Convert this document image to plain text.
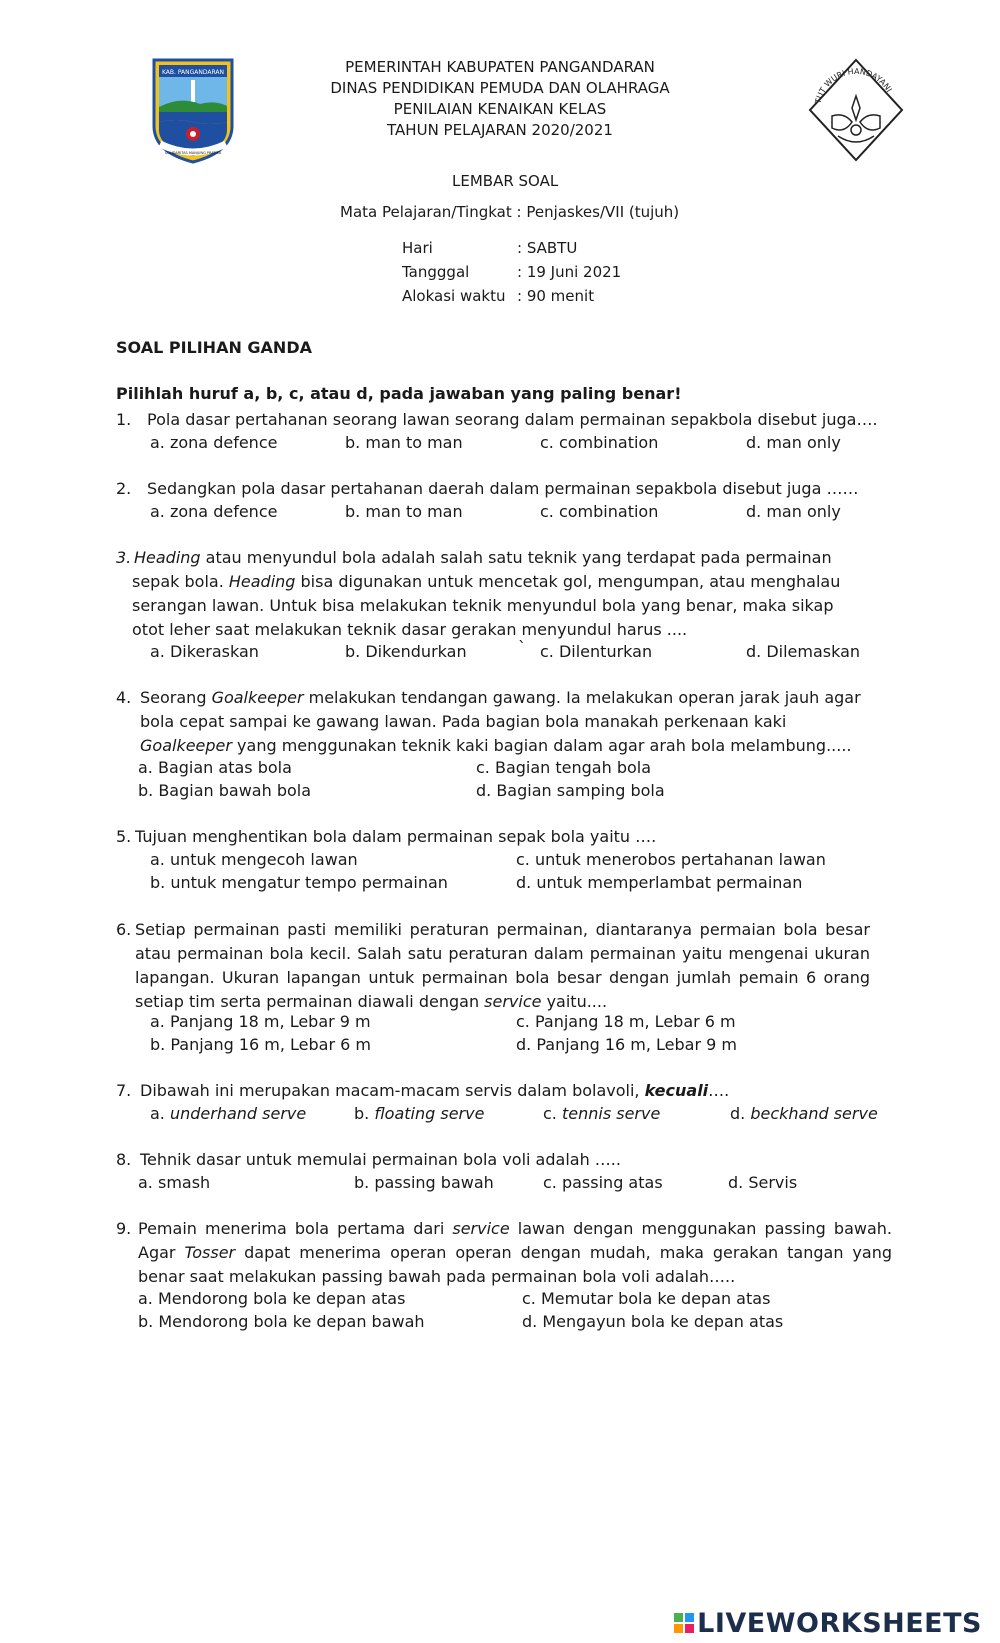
KAB. PANGANDARAN
SOLIDARITAS MANJUNG PRATIKA
PEMERINTAH KABUPATEN PANGANDARAN
DINAS PENDIDIKAN PEMUDA DAN OLAHRAGA
PENILAIAN KENAIKAN KELAS
TAHUN PELAJARAN 2020/2021
TUT WURI HANDAYANI
LEMBAR SOAL
Mata Pelajaran/Tingkat : Penjaskes/VII (tujuh)
Hari	: SABTU
Tangggal	: 19 Juni 2021
Alokasi waktu : 90 menit
SOAL PILIHAN GANDA
Pilihlah huruf a, b, c, atau d, pada jawaban yang paling benar!
1. Pola dasar pertahanan seorang lawan seorang dalam permainan sepakbola disebut juga….
a. zona defence	b. man to man	c. combination	d. man only
2. Sedangkan pola dasar pertahanan daerah dalam permainan sepakbola disebut juga ……
a. zona defence	b. man to man	c. combination	d. man only
3. Heading atau menyundul bola adalah salah satu teknik yang terdapat pada permainan sepak bola. Heading bisa digunakan untuk mencetak gol, mengumpan, atau menghalau serangan lawan. Untuk bisa melakukan teknik menyundul bola yang benar, maka sikap otot leher saat melakukan teknik dasar gerakan menyundul harus ....
a. Dikeraskan	b. Dikendurkan	` c. Dilenturkan	d. Dilemaskan
4. Seorang Goalkeeper melakukan tendangan gawang. Ia melakukan operan jarak jauh agar bola cepat sampai ke gawang lawan. Pada bagian bola manakah perkenaan kaki Goalkeeper yang menggunakan teknik kaki bagian dalam agar arah bola melambung.....
a. Bagian atas bola
b. Bagian bawah bola
c. Bagian tengah bola
d. Bagian samping bola
5. Tujuan menghentikan bola dalam permainan sepak bola yaitu ….
a. untuk mengecoh lawan
b. untuk mengatur tempo permainan
c. untuk menerobos pertahanan lawan
d. untuk memperlambat permainan
6. Setiap permainan pasti memiliki peraturan permainan, diantaranya permaian bola besar atau permainan bola kecil. Salah satu peraturan dalam permainan yaitu mengenai ukuran lapangan. Ukuran lapangan untuk permainan bola besar dengan jumlah pemain 6 orang setiap tim serta permainan diawali dengan service yaitu....
a. Panjang 18 m, Lebar 9 m
b. Panjang 16 m, Lebar 6 m
c. Panjang 18 m, Lebar 6 m
d. Panjang 16 m, Lebar 9 m
7. Dibawah ini merupakan macam-macam servis dalam bolavoli, kecuali….
a. underhand serve	b. floating serve	c. tennis serve	d. beckhand serve
8. Tehnik dasar untuk memulai permainan bola voli adalah …..
a. smash	b. passing bawah	c. passing atas	d. Servis
9. Pemain menerima bola pertama dari service lawan dengan menggunakan passing bawah. Agar Tosser dapat menerima operan operan dengan mudah, maka gerakan tangan yang benar saat melakukan passing bawah pada permainan bola voli adalah…..
a. Mendorong bola ke depan atas
b. Mendorong bola ke depan bawah
c. Memutar bola ke depan atas
d. Mengayun bola ke depan atas
LIVEWORKSHEETS
